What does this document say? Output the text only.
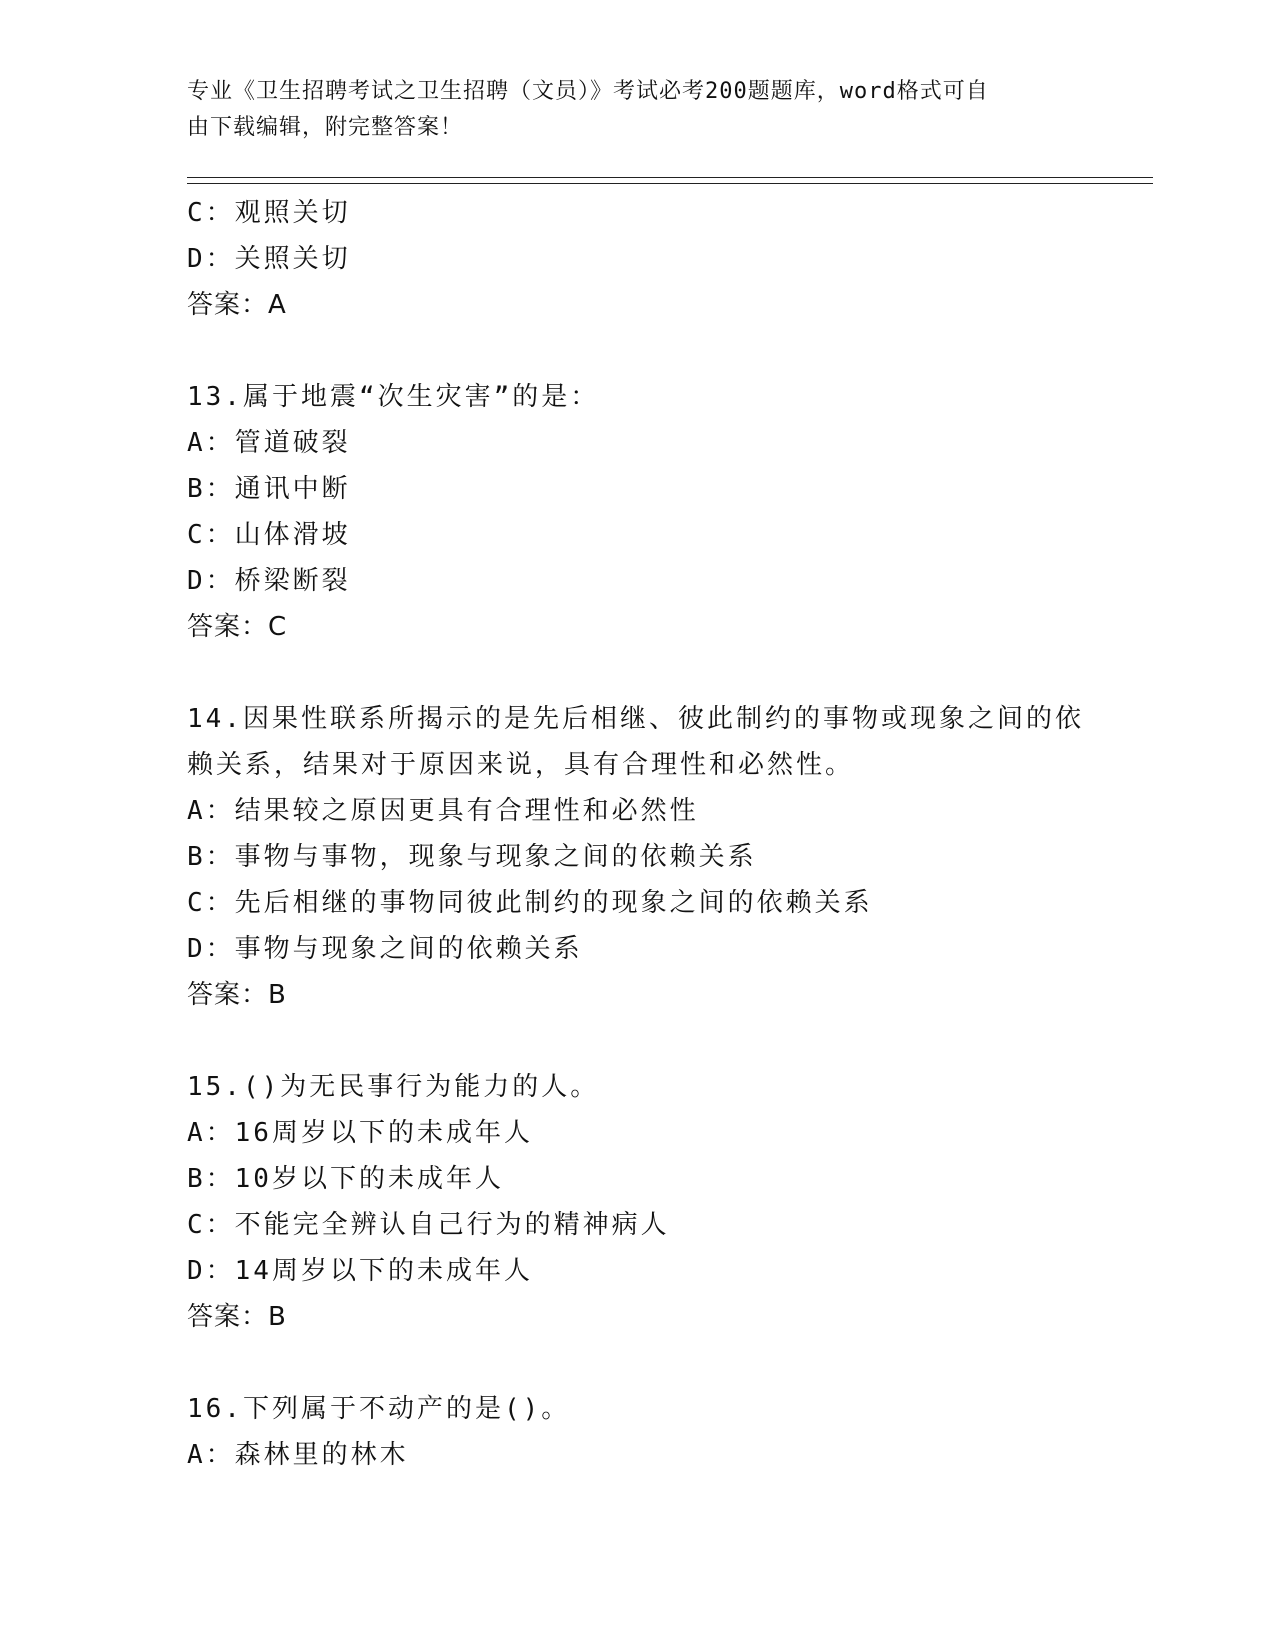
专业《卫生招聘考试之卫生招聘（文员）》考试必考200题题库，word格式可自
由下载编辑，附完整答案！
C：观照关切
D：关照关切
答案：A
13.属于地震“次生灾害”的是：
A：管道破裂
B：通讯中断
C：山体滑坡
D：桥梁断裂
答案：C
14.因果性联系所揭示的是先后相继、彼此制约的事物或现象之间的依
赖关系，结果对于原因来说，具有合理性和必然性。
A：结果较之原因更具有合理性和必然性
B：事物与事物，现象与现象之间的依赖关系
C：先后相继的事物同彼此制约的现象之间的依赖关系
D：事物与现象之间的依赖关系
答案：B
15.()为无民事行为能力的人。
A：16周岁以下的未成年人
B：10岁以下的未成年人
C：不能完全辨认自己行为的精神病人
D：14周岁以下的未成年人
答案：B
16.下列属于不动产的是()。
A：森林里的林木
